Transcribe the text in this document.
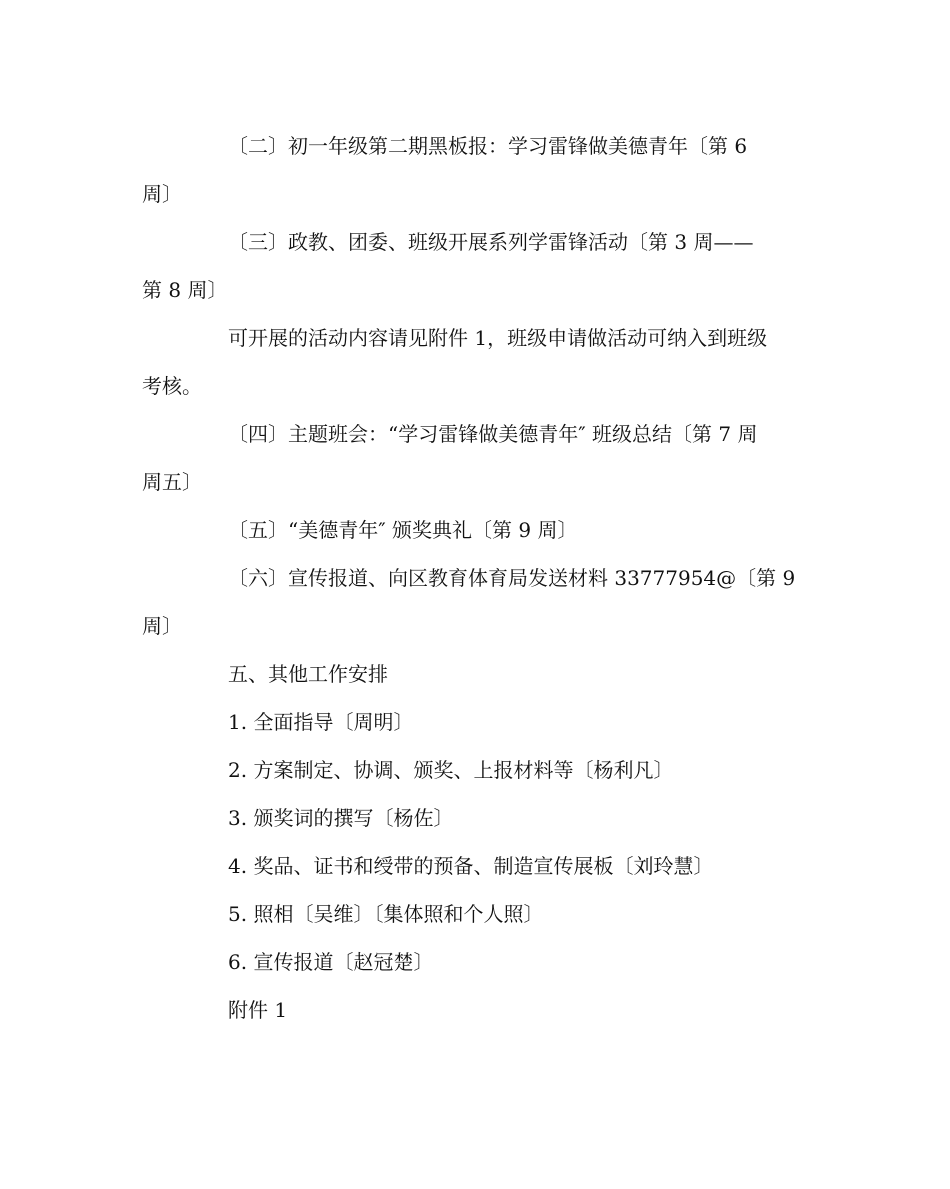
〔二〕初一年级第二期黑板报：学习雷锋做美德青年〔第 6
周〕
〔三〕政教、团委、班级开展系列学雷锋活动〔第 3 周——
第 8 周〕
可开展的活动内容请见附件 1，班级申请做活动可纳入到班级
考核。
〔四〕主题班会：“学习雷锋做美德青年″ 班级总结〔第 7 周
周五〕
〔五〕“美德青年″ 颁奖典礼〔第 9 周〕
〔六〕宣传报道、向区教育体育局发送材料 33777954@〔第 9
周〕
五、其他工作安排
1. 全面指导〔周明〕
2. 方案制定、协调、颁奖、上报材料等〔杨利凡〕
3. 颁奖词的撰写〔杨佐〕
4. 奖品、证书和绶带的预备、制造宣传展板〔刘玲慧〕
5. 照相〔吴维〕〔集体照和个人照〕
6. 宣传报道〔赵冠楚〕
附件 1
